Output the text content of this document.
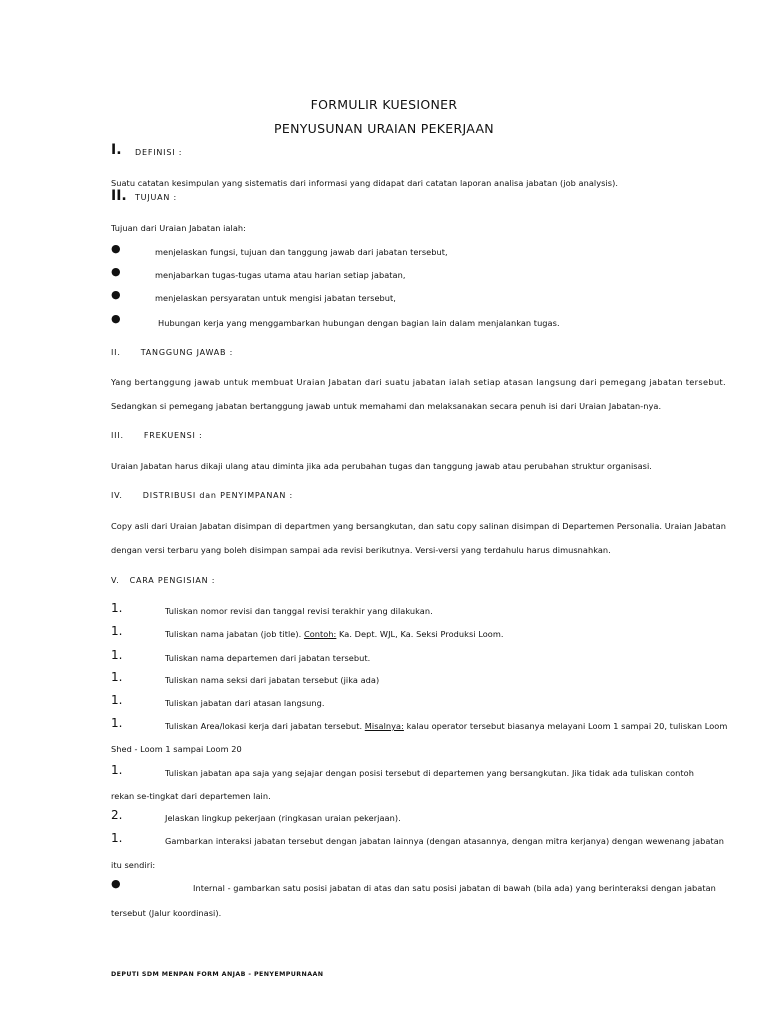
FORMULIR KUESIONER
PENYUSUNAN URAIAN PEKERJAAN
I. DEFINISI :
Suatu catatan kesimpulan yang sistematis dari informasi yang didapat dari catatan laporan analisa jabatan (job analysis).
II. TUJUAN :
Tujuan dari Uraian Jabatan ialah:
●	menjelaskan fungsi, tujuan dan tanggung jawab dari jabatan tersebut,
●	menjabarkan tugas-tugas utama atau harian setiap jabatan,
●	menjelaskan persyaratan untuk mengisi jabatan tersebut,
●	Hubungan kerja yang menggambarkan hubungan dengan bagian lain dalam menjalankan tugas.
II.      TANGGUNG JAWAB :
Yang bertanggung jawab untuk membuat Uraian Jabatan dari suatu jabatan ialah setiap atasan langsung dari pemegang jabatan tersebut.
Sedangkan si pemegang jabatan bertanggung jawab untuk memahami dan melaksanakan secara penuh isi dari Uraian Jabatan-nya.
III.      FREKUENSI :
Uraian Jabatan harus dikaji ulang atau diminta jika ada perubahan tugas dan tanggung jawab atau perubahan struktur organisasi.
IV.      DISTRIBUSI dan PENYIMPANAN :
Copy asli dari Uraian Jabatan disimpan di departmen yang bersangkutan, dan satu copy salinan disimpan di Departemen Personalia. Uraian Jabatan
dengan versi terbaru yang boleh disimpan sampai ada revisi berikutnya. Versi-versi yang terdahulu harus dimusnahkan.
V.   CARA PENGISIAN :
1.	Tuliskan nomor revisi dan tanggal revisi terakhir yang dilakukan.
1.	Tuliskan nama jabatan (job title). Contoh: Ka. Dept. WJL, Ka. Seksi Produksi Loom.
1.	Tuliskan nama departemen dari jabatan tersebut.
1.	Tuliskan nama seksi dari jabatan tersebut (jika ada)
1.	Tuliskan jabatan dari atasan langsung.
1.	Tuliskan Area/lokasi kerja dari jabatan tersebut. Misalnya: kalau operator tersebut biasanya melayani Loom 1 sampai 20, tuliskan Loom
Shed - Loom 1 sampai Loom 20
1.	Tuliskan jabatan apa saja yang sejajar dengan posisi tersebut di departemen yang bersangkutan. Jika tidak ada tuliskan contoh
rekan se-tingkat dari departemen lain.
2.	Jelaskan lingkup pekerjaan (ringkasan uraian pekerjaan).
1.	Gambarkan interaksi jabatan tersebut dengan jabatan lainnya (dengan atasannya, dengan mitra kerjanya) dengan wewenang jabatan
itu sendiri:
●	Internal - gambarkan satu posisi jabatan di atas dan satu posisi jabatan di bawah (bila ada) yang berinteraksi dengan jabatan
tersebut (Jalur koordinasi).
DEPUTI SDM MENPAN FORM ANJAB - PENYEMPURNAAN
